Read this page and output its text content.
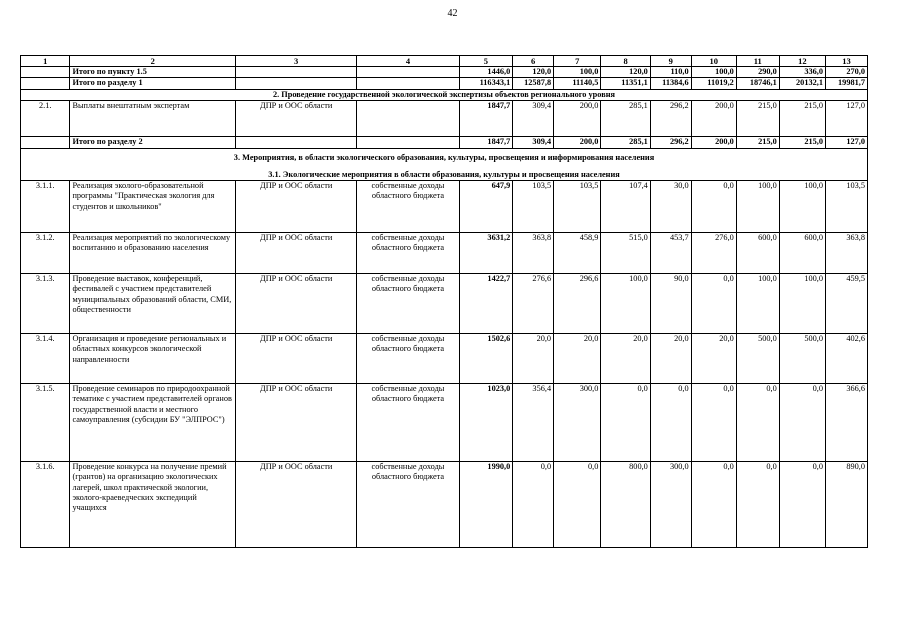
42
1	2	3	4	5	6	7	8	9	10	11	12	13
	Итого по пункту 1.5			1446,0	120,0	100,0	120,0	110,0	100,0	290,0	336,0	270,0
	Итого по разделу 1			116343,1	12587,8	11140,5	11351,1	11384,6	11019,2	18746,1	20132,1	19981,7
2. Проведение государственной экологической экспертизы объектов регионального уровня												
2.1.	Выплаты внештатным экспертам	ДПР и ООС области		1847,7	309,4	200,0	285,1	296,2	200,0	215,0	215,0	127,0
	Итого по разделу 2			1847,7	309,4	200,0	285,1	296,2	200,0	215,0	215,0	127,0

3. Мероприятия, в области экологического образования, культуры, просвещения и информирования населения
3.1. Экологические мероприятия в области образования, культуры и просвещения населения												

3.1.1.	Реализация эколого-образовательной программы "Практическая экология для студентов и школьников"	ДПР и ООС области	собственные доходы областного бюджета	647,9	103,5	103,5	107,4	30,0	0,0	100,0	100,0	103,5
3.1.2.	Реализация мероприятий по экологическому воспитанию и образованию населения	ДПР и ООС области	собственные доходы областного бюджета	3631,2	363,8	458,9	515,0	453,7	276,0	600,0	600,0	363,8
3.1.3.	Проведение выставок, конференций, фестивалей с участием представителей муниципальных образований области, СМИ, общественности	ДПР и ООС области	собственные доходы областного бюджета	1422,7	276,6	296,6	100,0	90,0	0,0	100,0	100,0	459,5
3.1.4.	Организация и проведение региональных и областных конкурсов экологической направленности	ДПР и ООС области	собственные доходы областного бюджета	1502,6	20,0	20,0	20,0	20,0	20,0	500,0	500,0	402,6
3.1.5.	Проведение семинаров по природоохранной тематике с участием представителей органов государственной власти и местного самоуправления (субсидии БУ "ЭЛПРОС")	ДПР и ООС области	собственные доходы областного бюджета	1023,0	356,4	300,0	0,0	0,0	0,0	0,0	0,0	366,6
3.1.6.	Проведение конкурса на получение премий (грантов) на организацию экологических лагерей, школ практической экологии, эколого-краеведческих экспедиций учащихся	ДПР и ООС области	собственные доходы областного бюджета	1990,0	0,0	0,0	800,0	300,0	0,0	0,0	0,0	890,0
